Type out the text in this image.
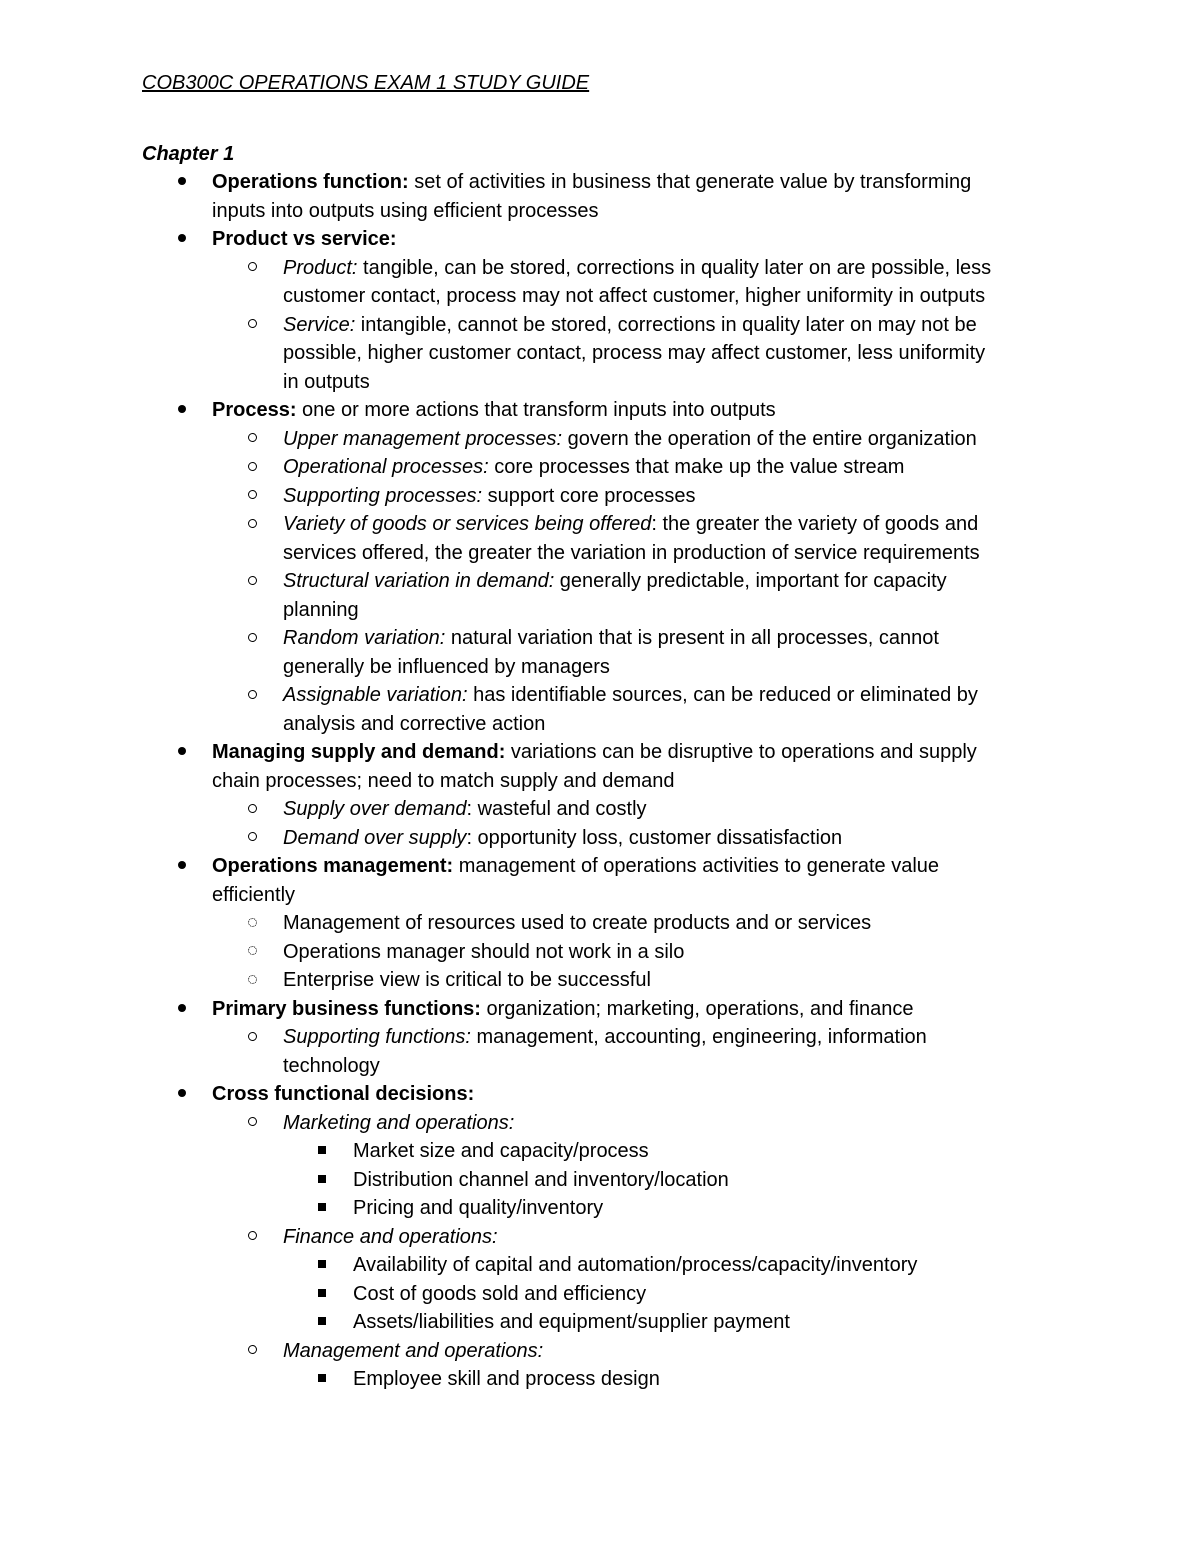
COB300C OPERATIONS EXAM 1 STUDY GUIDE
Chapter 1
Operations function: set of activities in business that generate value by transforming
inputs into outputs using efficient processes
Product vs service:
Product: tangible, can be stored, corrections in quality later on are possible, less
customer contact, process may not affect customer, higher uniformity in outputs
Service: intangible, cannot be stored, corrections in quality later on may not be
possible, higher customer contact, process may affect customer, less uniformity
in outputs
Process: one or more actions that transform inputs into outputs
Upper management processes: govern the operation of the entire organization
Operational processes: core processes that make up the value stream
Supporting processes: support core processes
Variety of goods or services being offered: the greater the variety of goods and
services offered, the greater the variation in production of service requirements
Structural variation in demand: generally predictable, important for capacity
planning
Random variation: natural variation that is present in all processes, cannot
generally be influenced by managers
Assignable variation: has identifiable sources, can be reduced or eliminated by
analysis and corrective action
Managing supply and demand: variations can be disruptive to operations and supply
chain processes; need to match supply and demand
Supply over demand: wasteful and costly
Demand over supply: opportunity loss, customer dissatisfaction
Operations management: management of operations activities to generate value
efficiently
Management of resources used to create products and or services
Operations manager should not work in a silo
Enterprise view is critical to be successful
Primary business functions: organization; marketing, operations, and finance
Supporting functions: management, accounting, engineering, information
technology
Cross functional decisions:
Marketing and operations:
Market size and capacity/process
Distribution channel and inventory/location
Pricing and quality/inventory
Finance and operations:
Availability of capital and automation/process/capacity/inventory
Cost of goods sold and efficiency
Assets/liabilities and equipment/supplier payment
Management and operations:
Employee skill and process design
